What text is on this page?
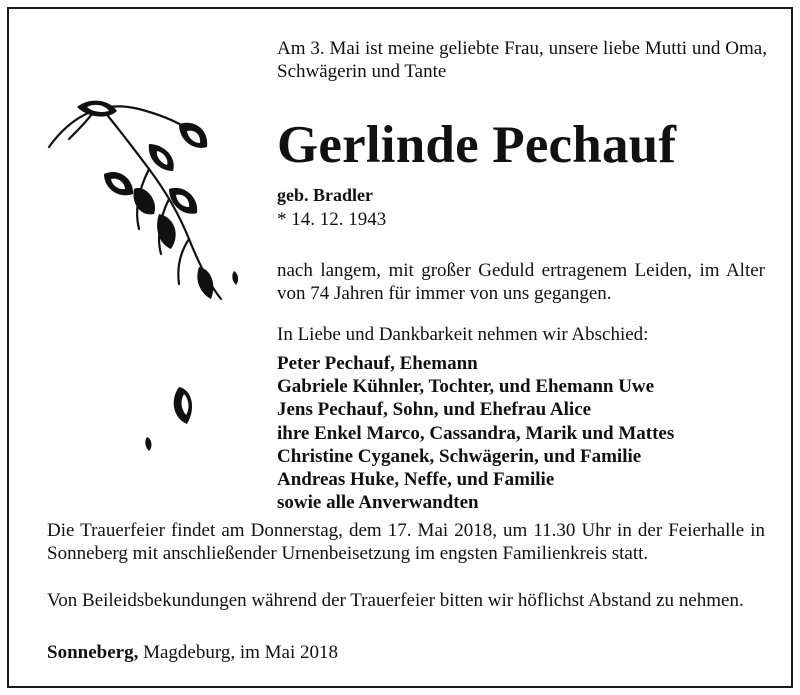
Am 3. Mai ist meine geliebte Frau, unsere liebe Mutti und Oma, Schwägerin und Tante
Gerlinde Pechauf
geb. Bradler
* 14. 12. 1943
nach langem, mit großer Geduld ertragenem Leiden, im Alter von 74 Jahren für immer von uns gegangen.
In Liebe und Dankbarkeit nehmen wir Abschied:
Peter Pechauf, Ehemann
Gabriele Kühnler, Tochter, und Ehemann Uwe
Jens Pechauf, Sohn, und Ehefrau Alice
ihre Enkel Marco, Cassandra, Marik und Mattes
Christine Cyganek, Schwägerin, und Familie
Andreas Huke, Neffe, und Familie
sowie alle Anverwandten
Die Trauerfeier findet am Donnerstag, dem 17. Mai 2018, um 11.30 Uhr in der Feierhalle in Sonneberg mit anschließender Urnenbeisetzung im engsten Familienkreis statt.
Von Beileidsbekundungen während der Trauerfeier bitten wir höflichst Abstand zu nehmen.
Sonneberg, Magdeburg, im Mai 2018
